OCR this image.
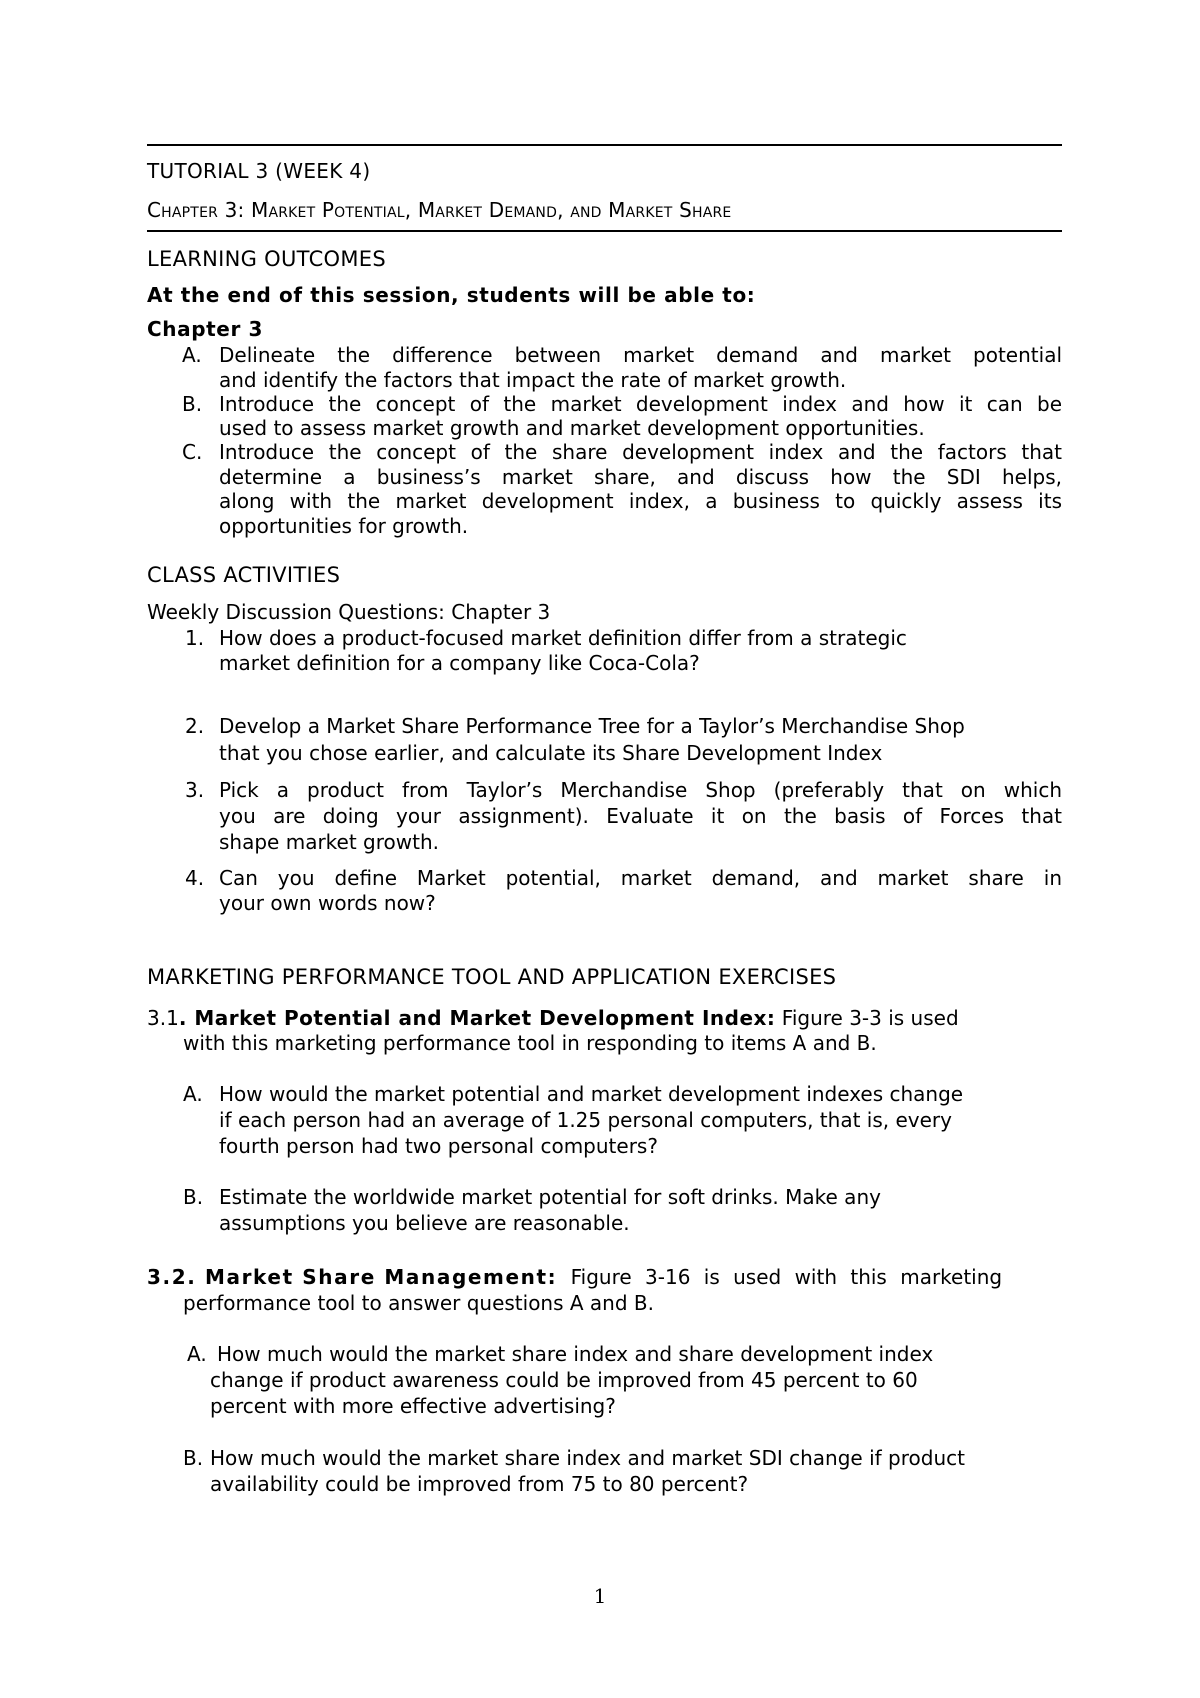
TUTORIAL 3 (WEEK 4)
Chapter 3: Market Potential, Market Demand, and Market Share
LEARNING OUTCOMES
At the end of this session, students will be able to:
Chapter 3
A. Delineate the difference between market demand and market potential
and identify the factors that impact the rate of market growth.
B. Introduce the concept of the market development index and how it can be
used to assess market growth and market development opportunities.
C. Introduce the concept of the share development index and the factors that
determine a business’s market share, and discuss how the SDI helps,
along with the market development index, a business to quickly assess its
opportunities for growth.
CLASS ACTIVITIES
Weekly Discussion Questions: Chapter 3
1. How does a product-focused market definition differ from a strategic
market definition for a company like Coca-Cola?
2. Develop a Market Share Performance Tree for a Taylor’s Merchandise Shop
that you chose earlier, and calculate its Share Development Index
3. Pick a product from Taylor’s Merchandise Shop (preferably that on which
you are doing your assignment). Evaluate it on the basis of Forces that
shape market growth.
4. Can you define Market potential, market demand, and market share in
your own words now?
MARKETING PERFORMANCE TOOL AND APPLICATION EXERCISES
3.1. Market Potential and Market Development Index: Figure 3-3 is used
with this marketing performance tool in responding to items A and B.
A. How would the market potential and market development indexes change
if each person had an average of 1.25 personal computers, that is, every
fourth person had two personal computers?
B. Estimate the worldwide market potential for soft drinks. Make any
assumptions you believe are reasonable.
3.2. Market Share Management: Figure 3-16 is used with this marketing
performance tool to answer questions A and B.
A. How much would the market share index and share development index
change if product awareness could be improved from 45 percent to 60
percent with more effective advertising?
B. How much would the market share index and market SDI change if product
availability could be improved from 75 to 80 percent?
1
